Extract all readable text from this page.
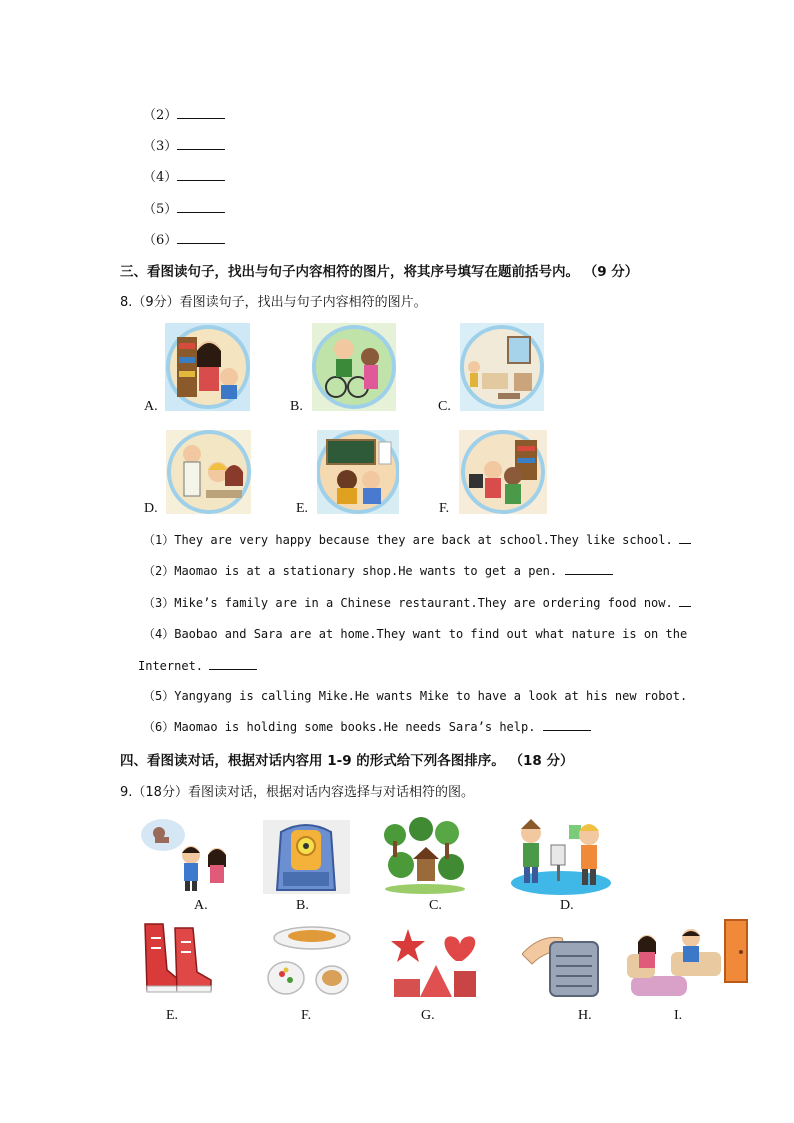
（2）
（3）
（4）
（5）
（6）
三、看图读句子，找出与句子内容相符的图片，将其序号填写在题前括号内。 （9 分）
8.（9分）看图读句子，找出与句子内容相符的图片。
A.	B.	C.
D.	E.	F.
（1）They are very happy because they are back at school.They like school.
（2）Maomao is at a stationary shop.He wants to get a pen.
（3）Mike’s family are in a Chinese restaurant.They are ordering food now.
（4）Baobao and Sara are at home.They want to find out what nature is on the
Internet.
（5）Yangyang is calling Mike.He wants Mike to have a look at his new robot.
（6）Maomao is holding some books.He needs Sara’s help.
四、看图读对话，根据对话内容用 1-9 的形式给下列各图排序。 （18 分）
9.（18分）看图读对话，根据对话内容选择与对话相符的图。
A.	B.	C.	D.
E.	F.	G.	H.	I.
